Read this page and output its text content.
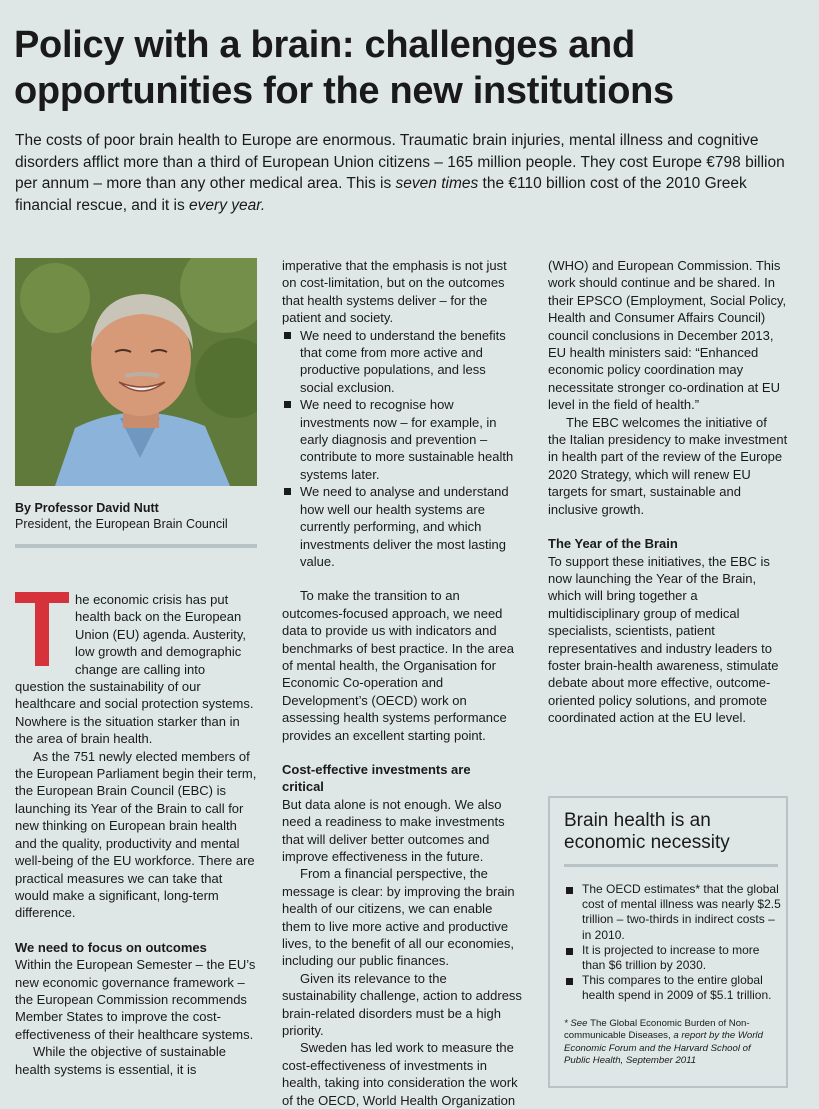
Policy with a brain: challenges and opportunities for the new institutions
The costs of poor brain health to Europe are enormous. Traumatic brain injuries, mental illness and cognitive disorders afflict more than a third of European Union citizens – 165 million people. They cost Europe €798 billion per annum – more than any other medical area. This is seven times the €110 billion cost of the 2010 Greek financial rescue, and it is every year.
By Professor David Nutt
President, the European Brain Council

he economic crisis has put health back on the European Union (EU) agenda. Austerity, low growth and demographic change are calling into question the sustainability of our healthcare and social protection systems. Nowhere is the situation starker than in the area of brain health.

As the 751 newly elected members of the European Parliament begin their term, the European Brain Council (EBC) is launching its Year of the Brain to call for new thinking on European brain health and the quality, productivity and mental well-being of the EU workforce. There are practical measures we can take that would make a significant, long-term difference.

We need to focus on outcomes

Within the European Semester – the EU’s new economic governance framework – the European Commission recommends Member States to improve the cost-effectiveness of their healthcare systems.

While the objective of sustainable health systems is essential, it is

imperative that the emphasis is not just on cost-limitation, but on the outcomes that health systems deliver – for the patient and society.

We need to understand the benefits that come from more active and productive populations, and less social exclusion.
We need to recognise how investments now – for example, in early diagnosis and prevention – contribute to more sustainable health systems later.
We need to analyse and understand how well our health systems are currently performing, and which investments deliver the most lasting value.

To make the transition to an outcomes-focused approach, we need data to provide us with indicators and benchmarks of best practice. In the area of mental health, the Organisation for Economic Co-operation and Development’s (OECD) work on assessing health systems performance provides an excellent starting point.

Cost-effective investments are critical

But data alone is not enough. We also need a readiness to make investments that will deliver better outcomes and improve effectiveness in the future.

From a financial perspective, the message is clear: by improving the brain health of our citizens, we can enable them to live more active and productive lives, to the benefit of all our economies, including our public finances.

Given its relevance to the sustainability challenge, action to address brain-related disorders must be a high priority.

Sweden has led work to measure the cost-effectiveness of investments in health, taking into consideration the work of the OECD, World Health Organization

(WHO) and European Commission. This work should continue and be shared. In their EPSCO (Employment, Social Policy, Health and Consumer Affairs Council) council conclusions in December 2013, EU health ministers said: “Enhanced economic policy coordination may necessitate stronger co-ordination at EU level in the field of health.”

The EBC welcomes the initiative of the Italian presidency to make investment in health part of the review of the Europe 2020 Strategy, which will renew EU targets for smart, sustainable and inclusive growth.

The Year of the Brain

To support these initiatives, the EBC is now launching the Year of the Brain, which will bring together a multidisciplinary group of medical specialists, scientists, patient representatives and industry leaders to foster brain-health awareness, stimulate debate about more effective, outcome-oriented policy solutions, and promote coordinated action at the EU level.

Brain health is an economic necessity
The OECD estimates* that the global cost of mental illness was nearly $2.5 trillion – two-thirds in indirect costs – in 2010.
It is projected to increase to more than $6 trillion by 2030.
This compares to the entire global health spend in 2009 of $5.1 trillion.
* See The Global Economic Burden of Non-communicable Diseases, a report by the World Economic Forum and the Harvard School of Public Health, September 2011
